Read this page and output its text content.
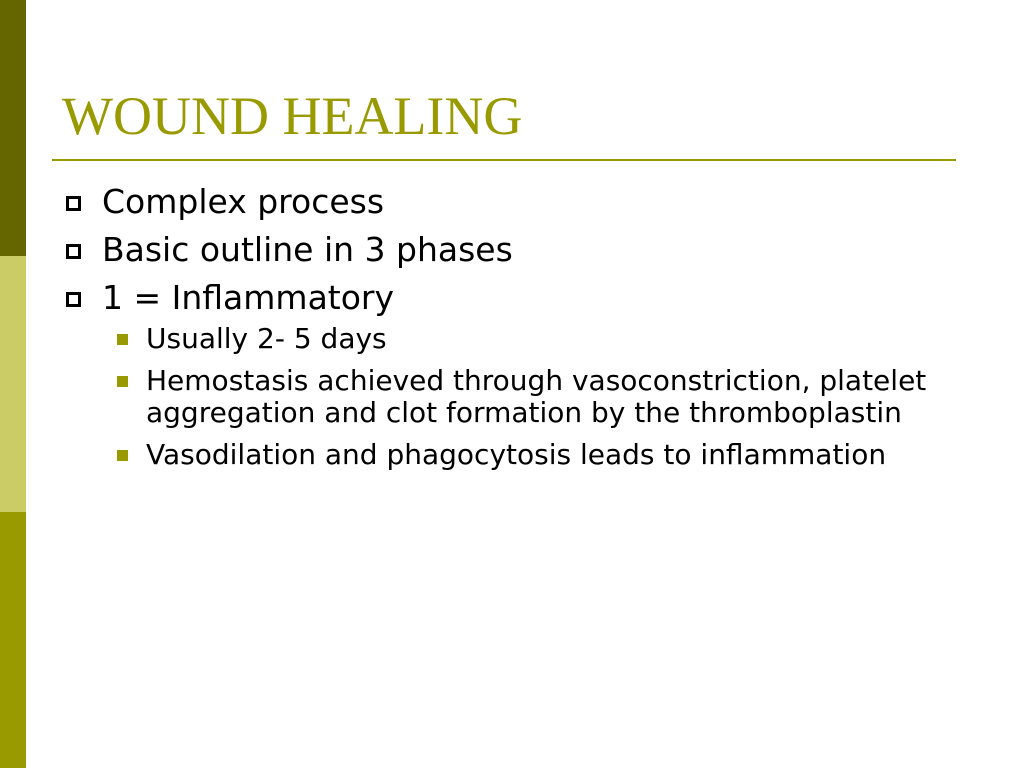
WOUND HEALING
Complex process
Basic outline in 3 phases
1 = Inflammatory
Usually 2- 5 days
Hemostasis achieved through vasoconstriction, platelet aggregation and clot formation by the thromboplastin
Vasodilation and phagocytosis leads to inflammation
